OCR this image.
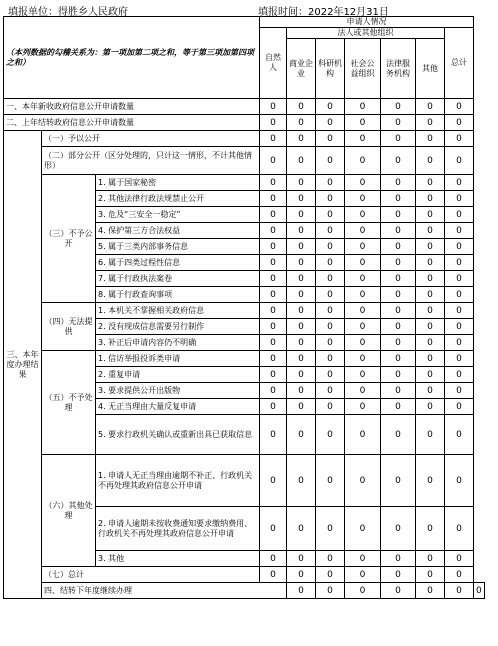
填报单位：得胜乡人民政府	填报时间：2022年12月31日
（本列数据的勾稽关系为：第一项加第二项之和，等于第三项加第四项之和）			申请人情况							
			自然人	法人或其他组织					总计	
				商业企业	科研机构	社会公益组织	法律服务机构	其他		
一、本年新收政府信息公开申请数量			0	0	0	0	0	0	0	
二、上年结转政府信息公开申请数量			0	0	0	0	0	0	0	
三、本年度办理结果	（一）予以公开		0	0	0	0	0	0	0	
	（二）部分公开（区分处理的，只计这一情形，不计其他情形）		0	0	0	0	0	0	0	
	（三）不予公开	1. 属于国家秘密	0	0	0	0	0	0	0	
		2. 其他法律行政法规禁止公开	0	0	0	0	0	0	0	
		3. 危及“三安全一稳定”	0	0	0	0	0	0	0	
		4. 保护第三方合法权益	0	0	0	0	0	0	0	
		5. 属于三类内部事务信息	0	0	0	0	0	0	0	
		6. 属于四类过程性信息	0	0	0	0	0	0	0	
		7. 属于行政执法案卷	0	0	0	0	0	0	0	
		8. 属于行政查询事项	0	0	0	0	0	0	0	
	（四）无法提供	1. 本机关不掌握相关政府信息	0	0	0	0	0	0	0	
		2. 没有现成信息需要另行制作	0	0	0	0	0	0	0	
		3. 补正后申请内容仍不明确	0	0	0	0	0	0	0	
	（五）不予处理	1. 信访举报投诉类申请	0	0	0	0	0	0	0	
		2. 重复申请	0	0	0	0	0	0	0	
		3. 要求提供公开出版物	0	0	0	0	0	0	0	
		4. 无正当理由大量反复申请	0	0	0	0	0	0	0	
		5. 要求行政机关确认或重新出具已获取信息	0	0	0	0	0	0	0	
	（六）其他处理	1. 申请人无正当理由逾期不补正、行政机关不再处理其政府信息公开申请	0	0	0	0	0	0	0	
		2. 申请人逾期未按收费通知要求缴纳费用、行政机关不再处理其政府信息公开申请	0	0	0	0	0	0	0	
		3. 其他	0	0	0	0	0	0	0	
	（七）总计		0	0	0	0	0	0	0	
	四、结转下年度继续办理			0	0	0	0	0	0	0
